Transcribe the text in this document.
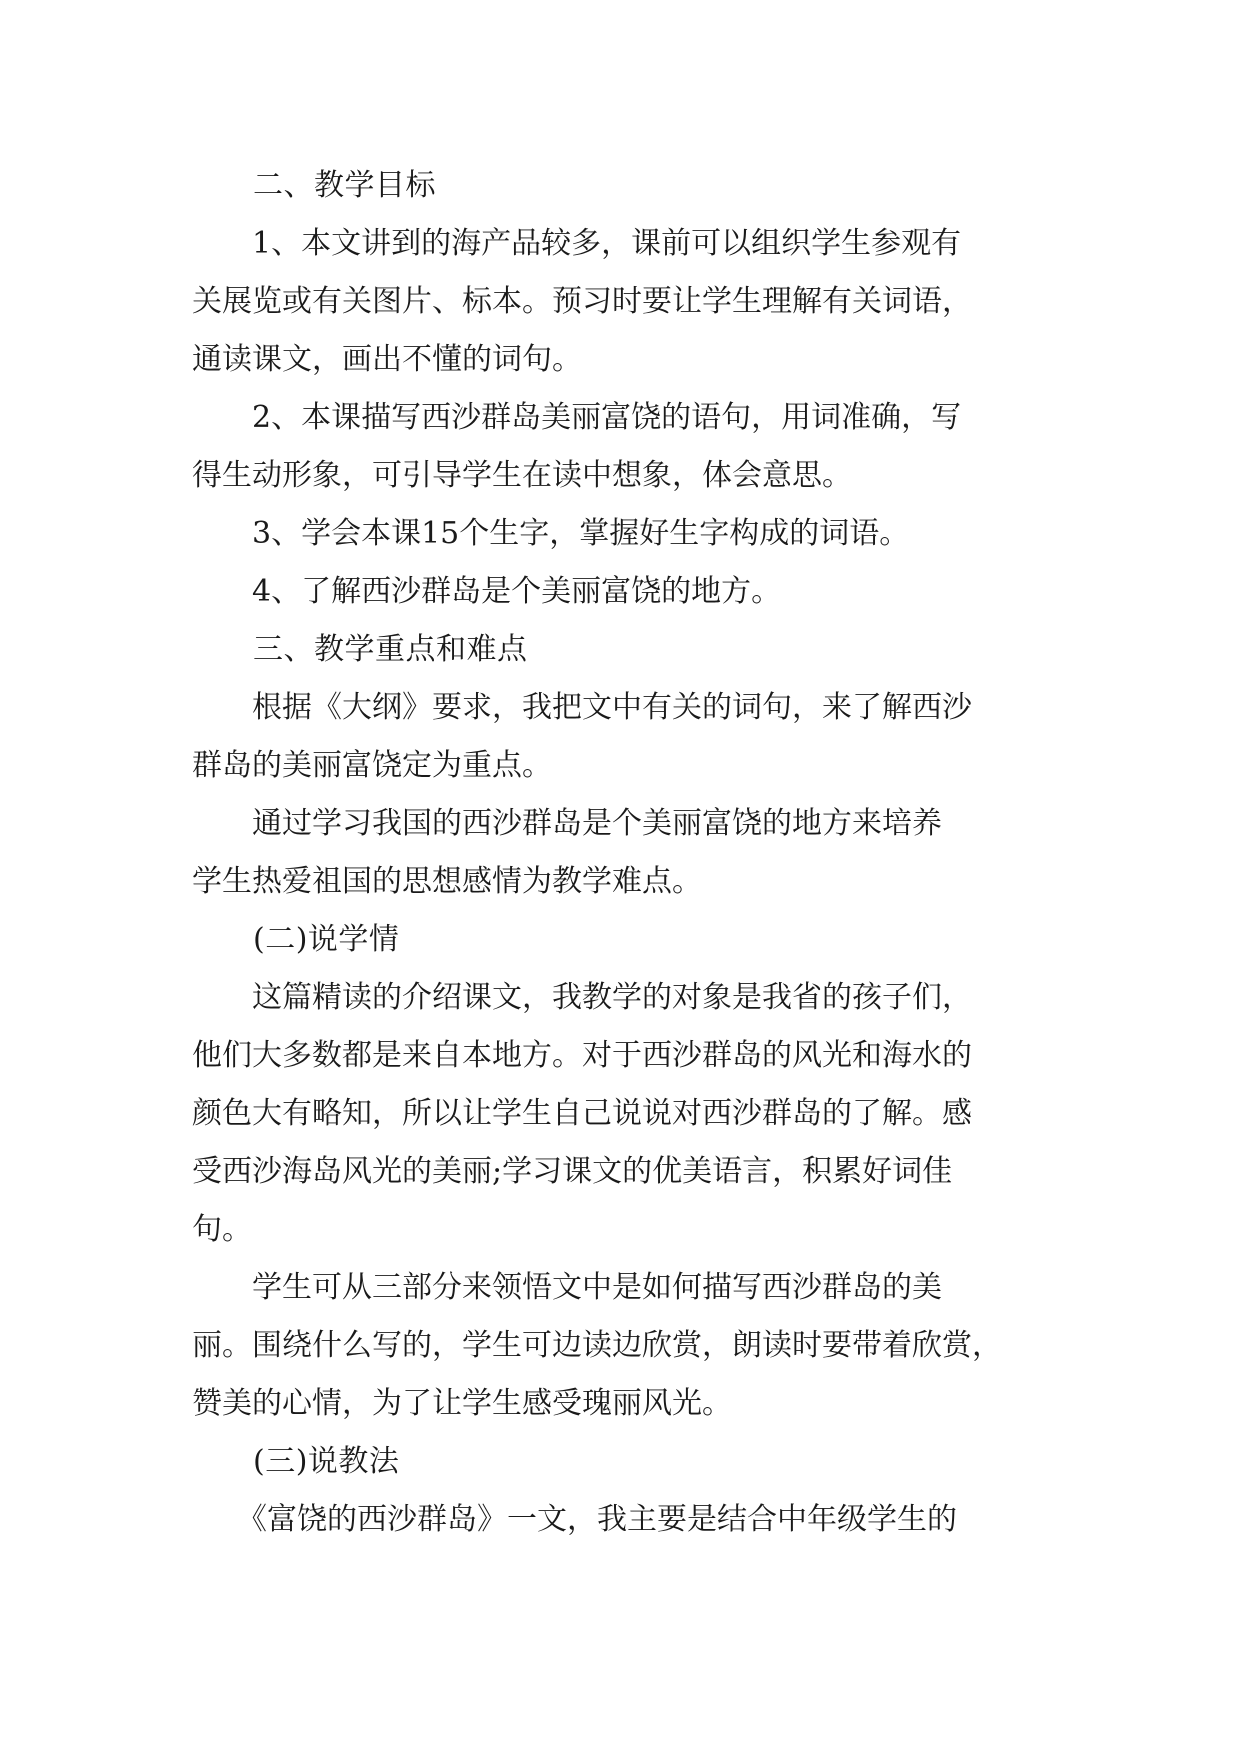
　　二、教学目标

　　1、本文讲到的海产品较多，课前可以组织学生参观有
关展览或有关图片、标本。预习时要让学生理解有关词语，
通读课文，画出不懂的词句。

　　2、本课描写西沙群岛美丽富饶的语句，用词准确，写
得生动形象，可引导学生在读中想象，体会意思。

　　3、学会本课15个生字，掌握好生字构成的词语。

　　4、了解西沙群岛是个美丽富饶的地方。

　　三、教学重点和难点

　　根据《大纲》要求，我把文中有关的词句，来了解西沙
群岛的美丽富饶定为重点。

　　通过学习我国的西沙群岛是个美丽富饶的地方来培养
学生热爱祖国的思想感情为教学难点。

　　(二)说学情

　　这篇精读的介绍课文，我教学的对象是我省的孩子们，
他们大多数都是来自本地方。对于西沙群岛的风光和海水的
颜色大有略知，所以让学生自己说说对西沙群岛的了解。感
受西沙海岛风光的美丽;学习课文的优美语言，积累好词佳
句。

　　学生可从三部分来领悟文中是如何描写西沙群岛的美
丽。围绕什么写的，学生可边读边欣赏，朗读时要带着欣赏，
赞美的心情，为了让学生感受瑰丽风光。

　　(三)说教法

　　《富饶的西沙群岛》一文，我主要是结合中年级学生的
